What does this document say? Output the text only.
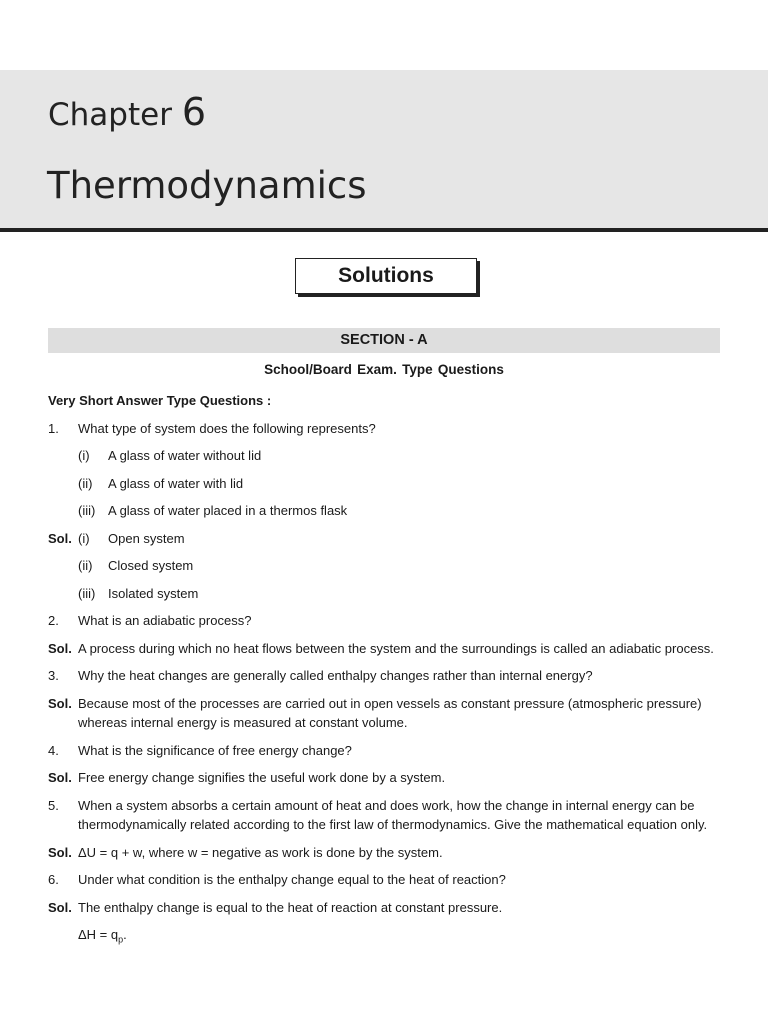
Chapter 6
Thermodynamics
Solutions
SECTION - A
School/Board Exam. Type Questions
Very Short Answer Type Questions :
1.	What type of system does the following represents?
(i)	A glass of water without lid
(ii)	A glass of water with lid
(iii) A glass of water placed in a thermos flask
Sol. (i)	Open system
(ii)	Closed system
(iii) Isolated system
2.	What is an adiabatic process?
Sol. A process during which no heat flows between the system and the surroundings is called an adiabatic process.
3.	Why the heat changes are generally called enthalpy changes rather than internal energy?
Sol. Because most of the processes are carried out in open vessels as constant pressure (atmospheric pressure)
whereas internal energy is measured at constant volume.
4.	What is the significance of free energy change?
Sol. Free energy change signifies the useful work done by a system.
5.	When a system absorbs a certain amount of heat and does work, how the change in internal energy can be
thermodynamically related according to the first law of thermodynamics. Give the mathematical equation only.
Sol. ΔU = q + w, where w = negative as work is done by the system.
6.	Under what condition is the enthalpy change equal to the heat of reaction?
Sol. The enthalpy change is equal to the heat of reaction at constant pressure.
$\Delta H = q_p$.
